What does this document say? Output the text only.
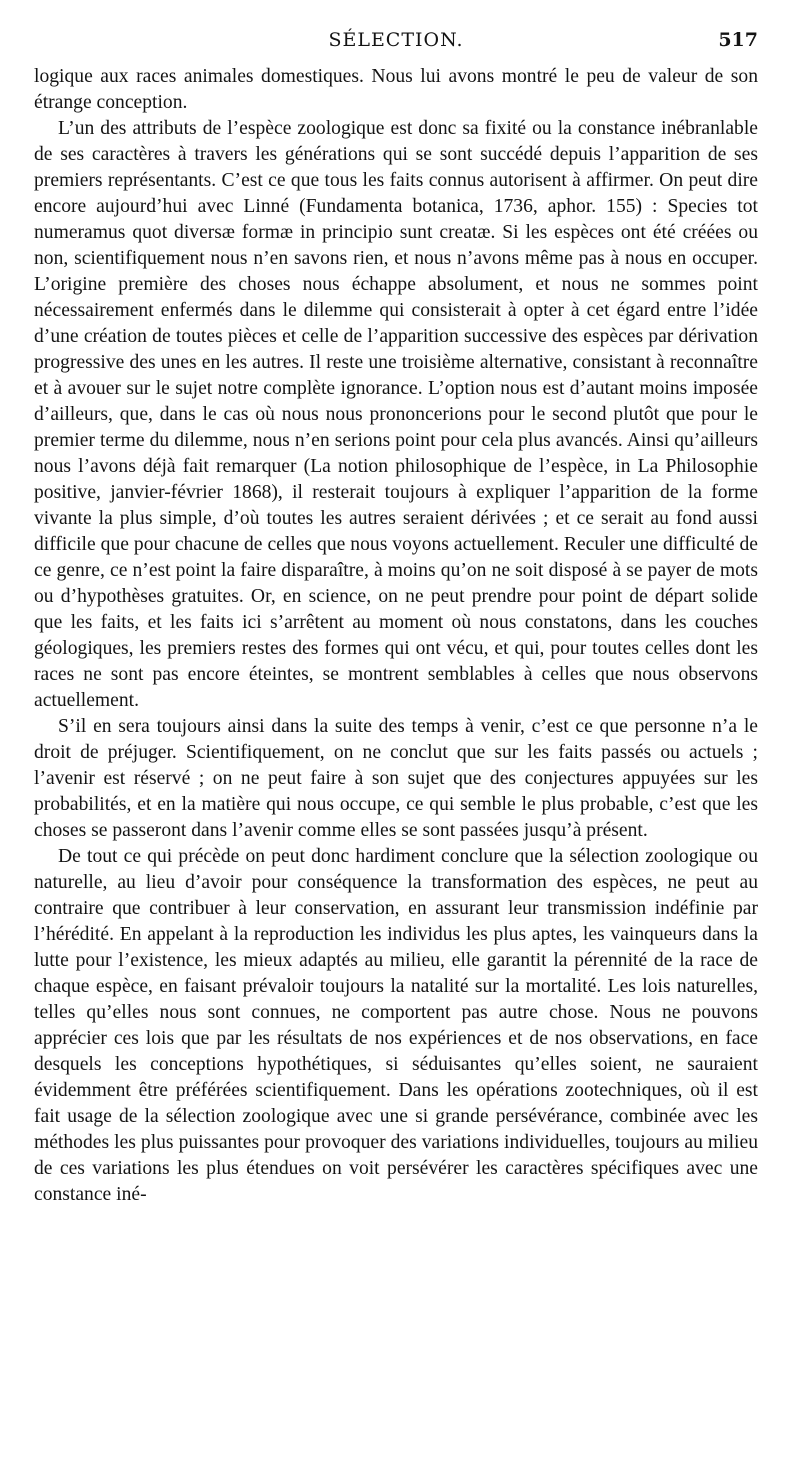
SÉLECTION.	517

logique aux races animales domestiques. Nous lui avons montré le peu de valeur de son étrange conception.

L’un des attributs de l’espèce zoologique est donc sa fixité ou la constance inébranlable de ses caractères à travers les générations qui se sont succédé depuis l’apparition de ses premiers représentants. C’est ce que tous les faits connus autorisent à affirmer. On peut dire encore aujourd’hui avec Linné (Fundamenta botanica, 1736, aphor. 155) : Species tot numeramus quot diversæ formæ in principio sunt creatæ. Si les espèces ont été créées ou non, scientifiquement nous n’en savons rien, et nous n’avons même pas à nous en occuper. L’origine première des choses nous échappe absolument, et nous ne sommes point nécessairement enfermés dans le dilemme qui consisterait à opter à cet égard entre l’idée d’une création de toutes pièces et celle de l’apparition successive des espèces par dérivation progressive des unes en les autres. Il reste une troisième alternative, consistant à reconnaître et à avouer sur le sujet notre complète ignorance. L’option nous est d’autant moins imposée d’ailleurs, que, dans le cas où nous nous prononcerions pour le second plutôt que pour le premier terme du dilemme, nous n’en serions point pour cela plus avancés. Ainsi qu’ailleurs nous l’avons déjà fait remarquer (La notion philosophique de l’espèce, in La Philosophie positive, janvier-février 1868), il resterait toujours à expliquer l’apparition de la forme vivante la plus simple, d’où toutes les autres seraient dérivées ; et ce serait au fond aussi difficile que pour chacune de celles que nous voyons actuellement. Reculer une difficulté de ce genre, ce n’est point la faire disparaître, à moins qu’on ne soit disposé à se payer de mots ou d’hypothèses gratuites. Or, en science, on ne peut prendre pour point de départ solide que les faits, et les faits ici s’arrêtent au moment où nous constatons, dans les couches géologiques, les premiers restes des formes qui ont vécu, et qui, pour toutes celles dont les races ne sont pas encore éteintes, se montrent semblables à celles que nous observons actuellement.

S’il en sera toujours ainsi dans la suite des temps à venir, c’est ce que personne n’a le droit de préjuger. Scientifiquement, on ne conclut que sur les faits passés ou actuels ; l’avenir est réservé ; on ne peut faire à son sujet que des conjectures appuyées sur les probabilités, et en la matière qui nous occupe, ce qui semble le plus probable, c’est que les choses se passeront dans l’avenir comme elles se sont passées jusqu’à présent.

De tout ce qui précède on peut donc hardiment conclure que la sélection zoologique ou naturelle, au lieu d’avoir pour conséquence la transformation des espèces, ne peut au contraire que contribuer à leur conservation, en assurant leur transmission indéfinie par l’hérédité. En appelant à la reproduction les individus les plus aptes, les vainqueurs dans la lutte pour l’existence, les mieux adaptés au milieu, elle garantit la pérennité de la race de chaque espèce, en faisant prévaloir toujours la natalité sur la mortalité. Les lois naturelles, telles qu’elles nous sont connues, ne comportent pas autre chose. Nous ne pouvons apprécier ces lois que par les résultats de nos expériences et de nos observations, en face desquels les conceptions hypothétiques, si séduisantes qu’elles soient, ne sauraient évidemment être préférées scientifiquement. Dans les opérations zootechniques, où il est fait usage de la sélection zoologique avec une si grande persévérance, combinée avec les méthodes les plus puissantes pour provoquer des variations individuelles, toujours au milieu de ces variations les plus étendues on voit persévérer les caractères spécifiques avec une constance iné-
